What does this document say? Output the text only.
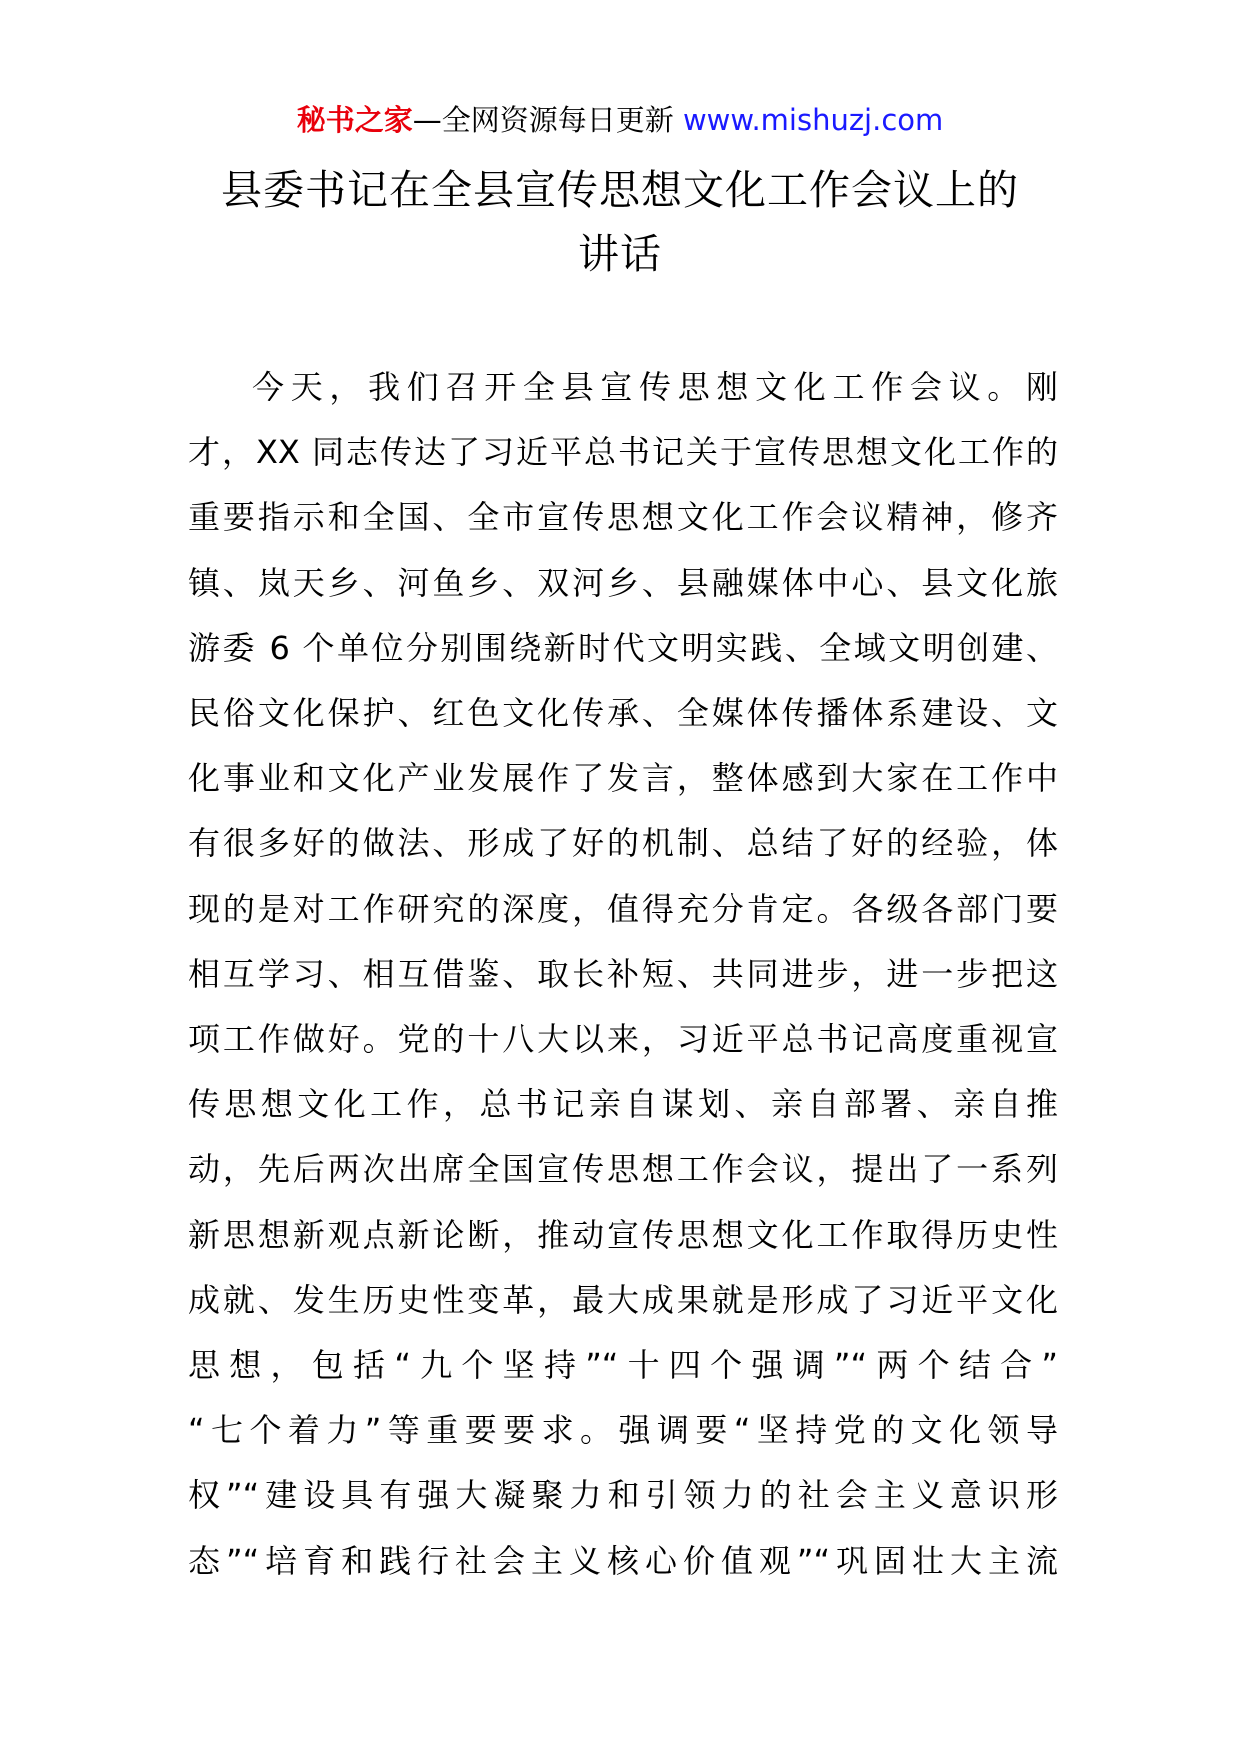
秘书之家—全网资源每日更新 www.mishuzj.com
县委书记在全县宣传思想文化工作会议上的
讲话
今天，我们召开全县宣传思想文化工作会议。刚
才，XX 同志传达了习近平总书记关于宣传思想文化工作的
重要指示和全国、全市宣传思想文化工作会议精神，修齐
镇、岚天乡、河鱼乡、双河乡、县融媒体中心、县文化旅
游委 6 个单位分别围绕新时代文明实践、全域文明创建、
民俗文化保护、红色文化传承、全媒体传播体系建设、文
化事业和文化产业发展作了发言，整体感到大家在工作中
有很多好的做法、形成了好的机制、总结了好的经验，体
现的是对工作研究的深度，值得充分肯定。各级各部门要
相互学习、相互借鉴、取长补短、共同进步，进一步把这
项工作做好。党的十八大以来，习近平总书记高度重视宣
传思想文化工作，总书记亲自谋划、亲自部署、亲自推
动，先后两次出席全国宣传思想工作会议，提出了一系列
新思想新观点新论断，推动宣传思想文化工作取得历史性
成就、发生历史性变革，最大成果就是形成了习近平文化
思想，包括“九个坚持”“十四个强调”“两个结合”
“七个着力”等重要要求。强调要“坚持党的文化领导
权”“建设具有强大凝聚力和引领力的社会主义意识形
态”“培育和践行社会主义核心价值观”“巩固壮大主流
